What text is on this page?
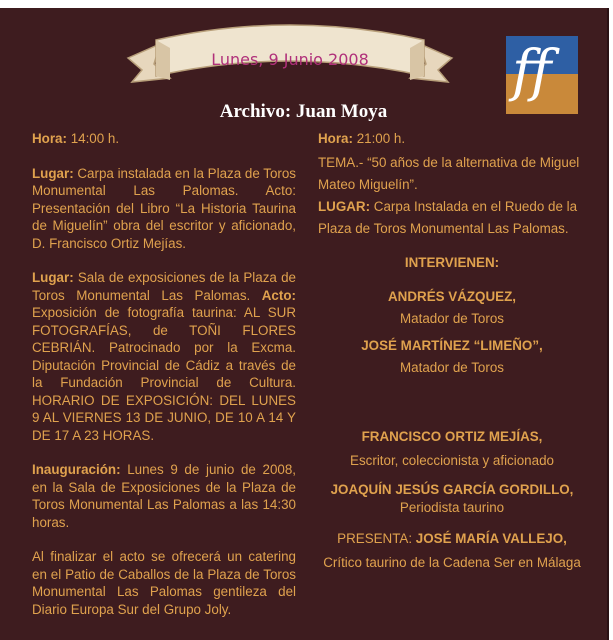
Lunes, 9 Junio 2008	ff
Archivo: Juan Moya

Hora: 14:00 h.

Lugar: Carpa instalada en la Plaza de Toros Monumental Las Palomas. Acto: Presentación del Libro “La Historia Taurina de Miguelín” obra del escritor y aficionado, D. Francisco Ortiz Mejías.

Lugar: Sala de exposiciones de la Plaza de Toros Monumental Las Palomas. Acto: Exposición de fotografía taurina: AL SUR FOTOGRAFÍAS, de TOÑI FLORES CEBRIÁN. Patrocinado por la Excma. Diputación Provincial de Cádiz a través de la Fundación Provincial de Cultura. HORARIO DE EXPOSICIÓN: DEL LUNES 9 AL VIERNES 13 DE JUNIO, DE 10 A 14 Y DE 17 A 23 HORAS.

Inauguración: Lunes 9 de junio de 2008, en la Sala de Exposiciones de la Plaza de Toros Monumental Las Palomas a las 14:30 horas.

Al finalizar el acto se ofrecerá un catering en el Patio de Caballos de la Plaza de Toros Monumental Las Palomas gentileza del Diario Europa Sur del Grupo Joly.

Hora: 21:00 h.

TEMA.- “50 años de la alternativa de Miguel Mateo Miguelín”.

LUGAR: Carpa Instalada en el Ruedo de la Plaza de Toros Monumental Las Palomas.

INTERVIENEN:

ANDRÉS VÁZQUEZ,

Matador de Toros

JOSÉ MARTÍNEZ “LIMEÑO”,

Matador de Toros

FRANCISCO ORTIZ MEJÍAS,

Escritor, coleccionista y aficionado

JOAQUÍN JESÚS GARCÍA GORDILLO,

Periodista taurino

PRESENTA: JOSÉ MARÍA VALLEJO,

Crítico taurino de la Cadena Ser en Málaga
